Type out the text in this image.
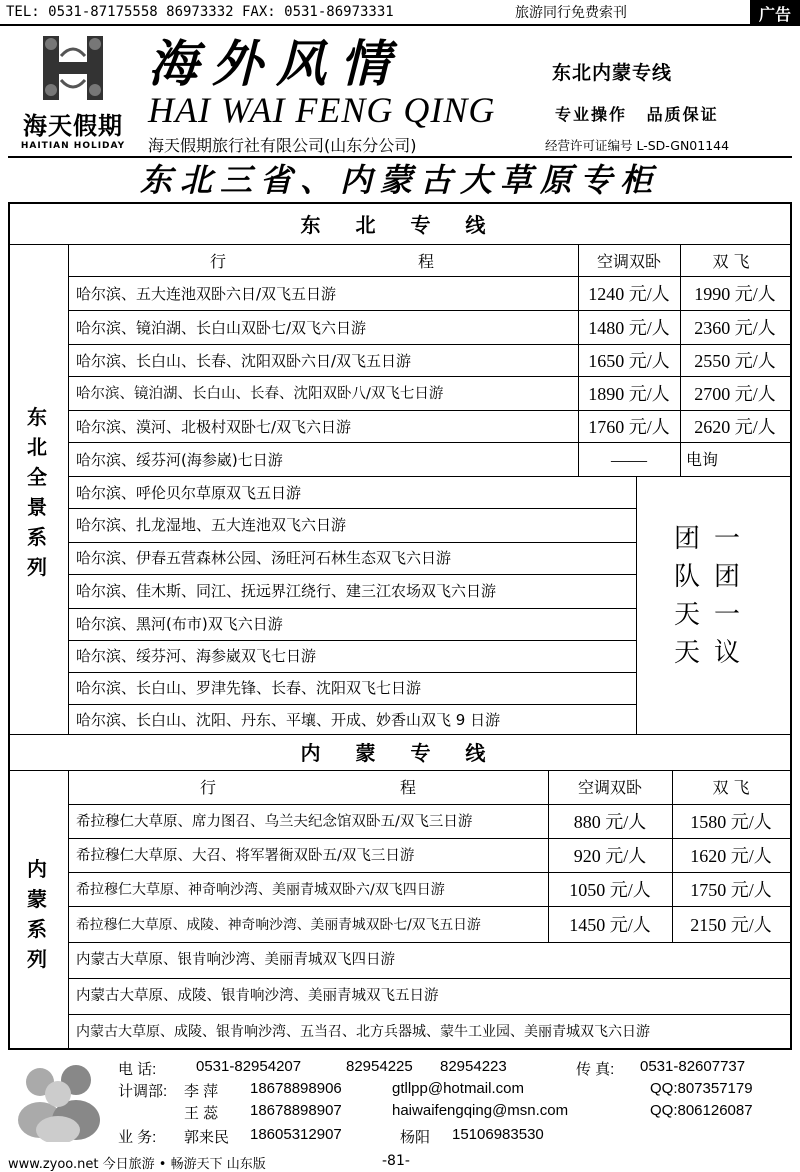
TEL: 0531-87175558 86973332 FAX: 0531-86973331	旅游同行免费索刊	广告
海天假期
HAITIAN HOLIDAY
海外风情
HAI WAI FENG QING
海天假期旅行社有限公司(山东分公司)
东北内蒙专线
专业操作 品质保证
经营许可证编号 L-SD-GN01144
东北三省、内蒙古大草原专柜
东 北 专 线
东
北
全
景
系
列
行	程	空调双卧	双 飞
哈尔滨、五大连池双卧六日/双飞五日游	1240 元/人	1990 元/人
哈尔滨、镜泊湖、长白山双卧七/双飞六日游	1480 元/人	2360 元/人
哈尔滨、长白山、长春、沈阳双卧六日/双飞五日游	1650 元/人	2550 元/人
哈尔滨、镜泊湖、长白山、长春、沈阳双卧八/双飞七日游	1890 元/人	2700 元/人
哈尔滨、漠河、北极村双卧七/双飞六日游	1760 元/人	2620 元/人
哈尔滨、绥芬河(海参崴)七日游	——	电询
哈尔滨、呼伦贝尔草原双飞五日游
哈尔滨、扎龙湿地、五大连池双飞六日游
哈尔滨、伊春五营森林公园、汤旺河石林生态双飞六日游
哈尔滨、佳木斯、同江、抚远界江绕行、建三江农场双飞六日游
哈尔滨、黑河(布市)双飞六日游
哈尔滨、绥芬河、海参崴双飞七日游
哈尔滨、长白山、罗津先锋、长春、沈阳双飞七日游
哈尔滨、长白山、沈阳、丹东、平壤、开成、妙香山双飞 9 日游
团
队
天
天
一
团
一
议
内 蒙 专 线
内
蒙
系
列
行	程	空调双卧	双 飞
希拉穆仁大草原、席力图召、乌兰夫纪念馆双卧五/双飞三日游	880 元/人	1580 元/人
希拉穆仁大草原、大召、将军署衙双卧五/双飞三日游	920 元/人	1620 元/人
希拉穆仁大草原、神奇响沙湾、美丽青城双卧六/双飞四日游	1050 元/人	1750 元/人
希拉穆仁大草原、成陵、神奇响沙湾、美丽青城双卧七/双飞五日游	1450 元/人	2150 元/人
内蒙古大草原、银肯响沙湾、美丽青城双飞四日游
内蒙古大草原、成陵、银肯响沙湾、美丽青城双飞五日游
内蒙古大草原、成陵、银肯响沙湾、五当召、北方兵器城、蒙牛工业园、美丽青城双飞六日游
电 话:	0531-82954207	82954225 82954223	传 真: 0531-82607737
计调部: 李 萍 18678898906	gtllpp@hotmail.com	QQ:807357179
王 蕊 18678898907	haiwaifengqing@msn.com	QQ:806126087
业 务: 郭来民 18605312907	杨阳 15106983530
www.zyoo.net 今日旅游 • 畅游天下 山东版	-81-
